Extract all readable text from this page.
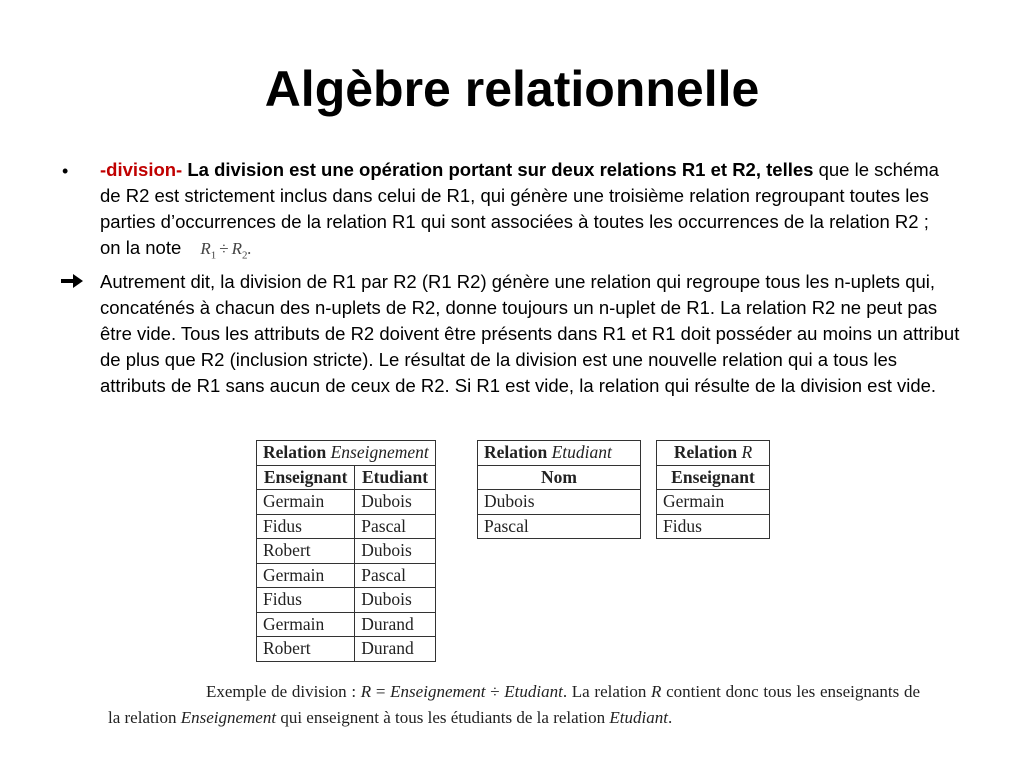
Algèbre relationnelle
• -division- La division est une opération portant sur deux relations R1 et R2, telles que le schéma de R2 est strictement inclus dans celui de R1, qui génère une troisième relation regroupant toutes les parties d’occurrences de la relation R1 qui sont associées à toutes les occurrences de la relation R2 ; on la note $R_1 \div R_2$.
Autrement dit, la division de R1 par R2 (R1 R2) génère une relation qui regroupe tous les n-uplets qui, concaténés à chacun des n-uplets de R2, donne toujours un n-uplet de R1. La relation R2 ne peut pas être vide. Tous les attributs de R2 doivent être présents dans R1 et R1 doit posséder au moins un attribut de plus que R2 (inclusion stricte). Le résultat de la division est une nouvelle relation qui a tous les attributs de R1 sans aucun de ceux de R2. Si R1 est vide, la relation qui résulte de la division est vide.
Relation Enseignement	
Enseignant	Etudiant
Germain	Dubois
Fidus	Pascal
Robert	Dubois
Germain	Pascal
Fidus	Dubois
Germain	Durand
Robert	Durand
Relation Etudiant
Nom
Dubois
Pascal
Relation R
Enseignant
Germain
Fidus
Exemple de division : R = Enseignement ÷ Etudiant. La relation R contient donc tous les enseignants de la relation Enseignement qui enseignent à tous les étudiants de la relation Etudiant.
